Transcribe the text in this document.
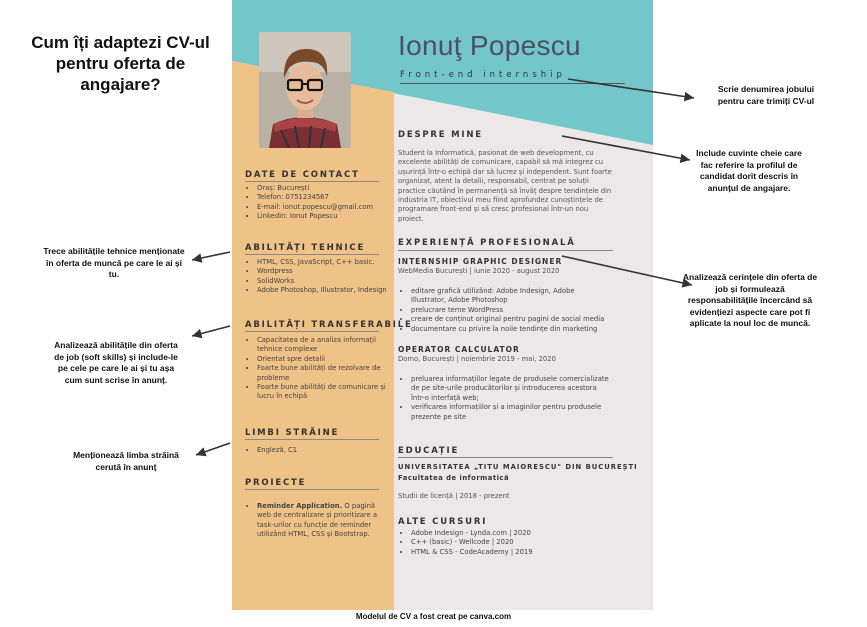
Cum îți adaptezi CV-ul pentru oferta de angajare?
Ionuţ Popescu
Front-end internship
DATE DE CONTACT
• Oraș: București
• Telefon: 0751234567
• E-mail: ionut.popescu@gmail.com
• Linkedin: Ionut Popescu
ABILITĂȚI TEHNICE
• HTML, CSS, JavaScript, C++ basic.
• Wordpress
• SolidWorks
• Adobe Photoshop, Illustrator, Indesign
ABILITĂȚI TRANSFERABILE
• Capacitatea de a analiza informații tehnice complexe
• Orientat spre detalii
• Foarte bune abilități de rezolvare de probleme
• Foarte bune abilități de comunicare și lucru în echipă
LIMBI STRĂINE
• Engleză, C1
PROIECTE
• Reminder Application. O pagină web de centralizare și prioritizare a task-urilor cu funcție de reminder utilizând HTML, CSS și Bootstrap.
DESPRE MINE
Student la Informatică, pasionat de web development, cu excelente abilități de comunicare, capabil să mă integrez cu ușurință într-o echipă dar să lucrez și independent. Sunt foarte organizat, atent la detalii, responsabil, centrat pe soluții practice căutând în permanență să învăț despre tendințele din industria IT, obiectivul meu fiind aprofundez cunoștințele de programare front-end și să cresc profesional într-un nou proiect.
EXPERIENȚĂ PROFESIONALĂ
INTERNSHIP GRAPHIC DESIGNER
WebMedia București | iunie 2020 - august 2020
• editare grafică utilizând: Adobe Indesign, Adobe Illustrator, Adobe Photoshop
• prelucrare teme WordPress
• creare de conținut original pentru pagini de social media
• documentare cu privire la noile tendințe din marketing
OPERATOR CALCULATOR
Domo, București | noiembrie 2019 - mai, 2020
• preluarea informațiilor legate de produsele comercializate de pe site-urile producătorilor și introducerea acestora într-o interfață web;
• verificarea informațiilor și a imaginilor pentru produsele prezente pe site
EDUCAȚIE
UNIVERSITATEA „TITU MAIORESCU" DIN BUCUREȘTI
Facultatea de informatică
Studii de licență | 2018 - prezent
ALTE CURSURI
• Adobe Indesign - Lynda.com | 2020
• C++ (basic) - Wellcode | 2020
• HTML & CSS - CodeAcademy | 2019
Scrie denumirea jobului pentru care trimiți CV-ul
Include cuvinte cheie care fac referire la profilul de candidat dorit descris în anunțul de angajare.
Trece abilitățile tehnice menționate în oferta de muncă pe care le ai și tu.
Analizează abilitățile din oferta de job (soft skills) și include-le pe cele pe care le ai și tu așa cum sunt scrise în anunț.
Menționează limba străină cerută în anunț
Analizează cerințele din oferta de job și formulează responsabilitățile încercând să evidențiezi aspecte care pot fi aplicate la noul loc de muncă.
Modelul de CV a fost creat pe canva.com
